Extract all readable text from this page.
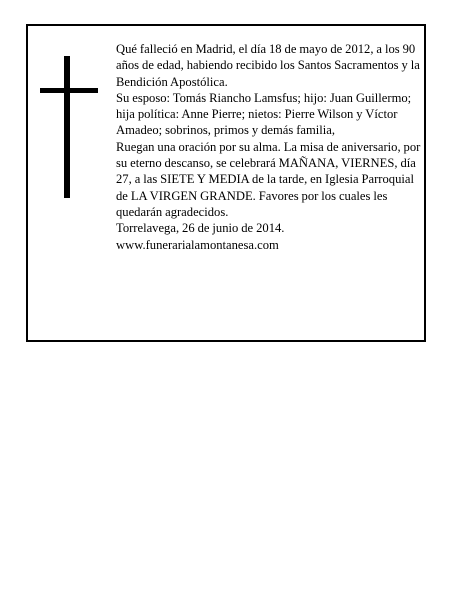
Qué falleció en Madrid, el día 18 de mayo de 2012, a los 90 años de edad, habiendo recibido los Santos Sacramentos y la Bendición Apostólica.

Su esposo: Tomás Riancho Lamsfus; hijo: Juan Guillermo; hija política: Anne Pierre; nietos: Pierre Wilson y Víctor Amadeo; sobrinos, primos y demás familia,

Ruegan una oración por su alma. La misa de aniversario, por su eterno descanso, se celebrará MAÑANA, VIERNES, día 27, a las SIETE Y MEDIA de la tarde, en Iglesia Parroquial de LA VIRGEN GRANDE. Favores por los cuales les quedarán agradecidos.

Torrelavega, 26 de junio de 2014.

www.funerarialamontanesa.com
